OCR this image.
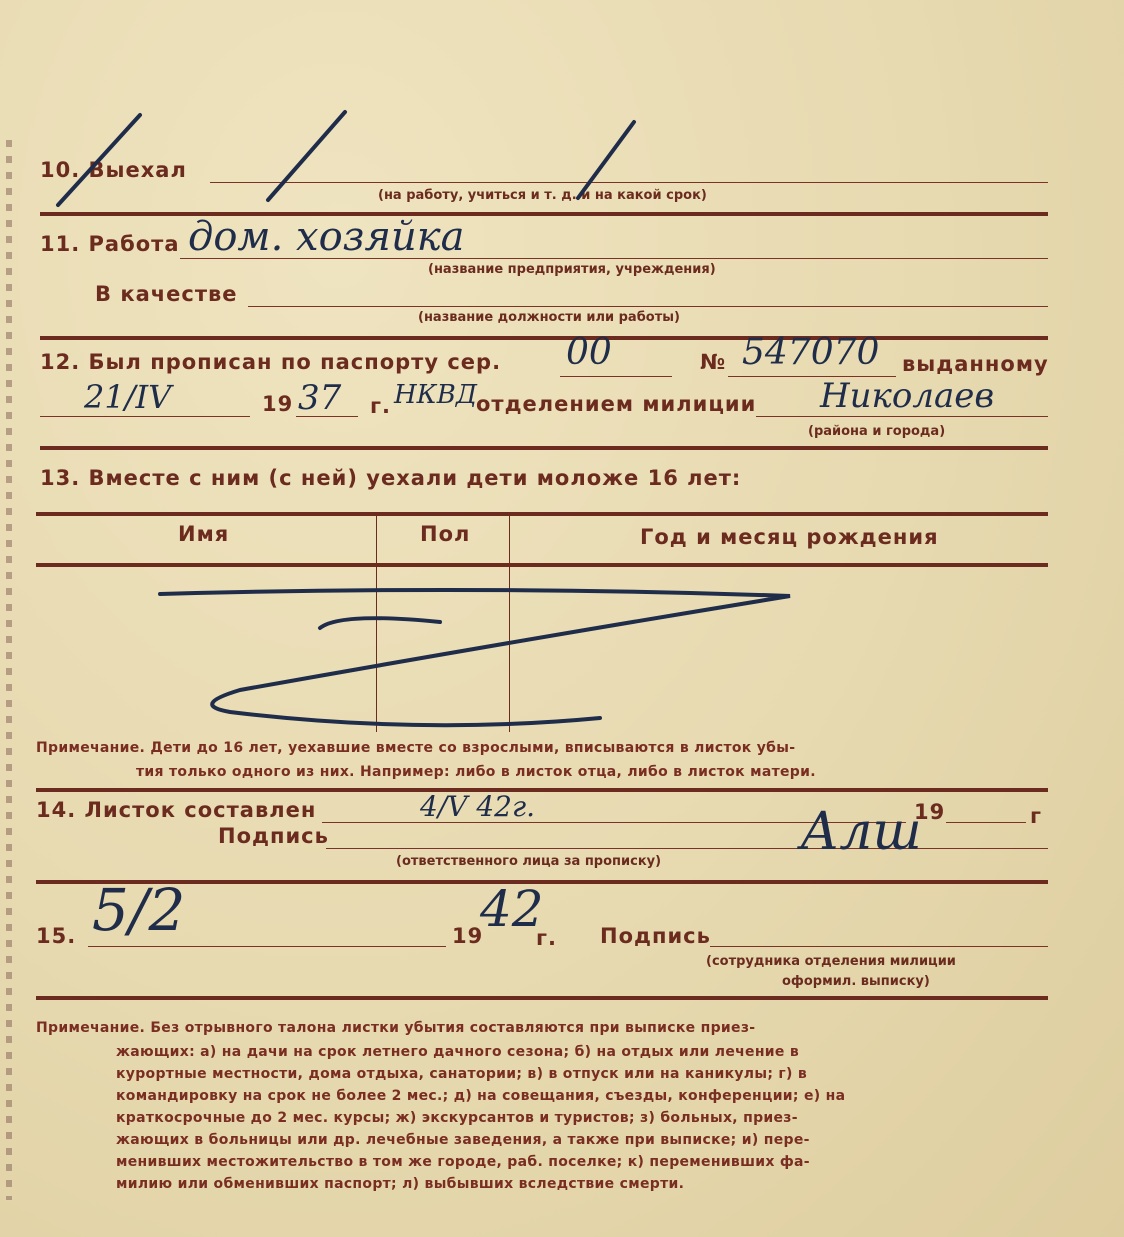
10. Выехал
(на работу, учиться и т. д. и на какой срок)
11. Работа дом. хозяйка
(название предприятия, учреждения)
В качестве
(название должности или работы)
12. Был прописан по паспорту сер. 00	№ 547070 выданному
21/IV	19 37 г. НКВД
отделением милиции Николаев
(района и города)
13. Вместе с ним (с ней) уехали дети моложе 16 лет:
Имя	Пол	Год и месяц рождения
Примечание. Дети до 16 лет, уехавшие вместе со взрослыми, вписываются в листок убы-
тия только одного из них. Например: либо в листок отца, либо в листок матери.
14. Листок составлен	4/V 42г.	19	г
Подпись	Алш
(ответственного лица за прописку)
15. 5/2	19
42
г. Подпись
(сотрудника отделения милиции
оформил. выписку)
Примечание. Без отрывного талона листки убытия составляются при выписке приез-
жающих: а) на дачи на срок летнего дачного сезона; б) на отдых или лечение в
курортные местности, дома отдыха, санатории; в) в отпуск или на каникулы; г) в
командировку на срок не более 2 мес.; д) на совещания, съезды, конференции; е) на
краткосрочные до 2 мес. курсы; ж) экскурсантов и туристов; з) больных, приез-
жающих в больницы или др. лечебные заведения, а также при выписке; и) пере-
менивших местожительство в том же городе, раб. поселке; к) переменивших фа-
милию или обменивших паспорт; л) выбывших вследствие смерти.
